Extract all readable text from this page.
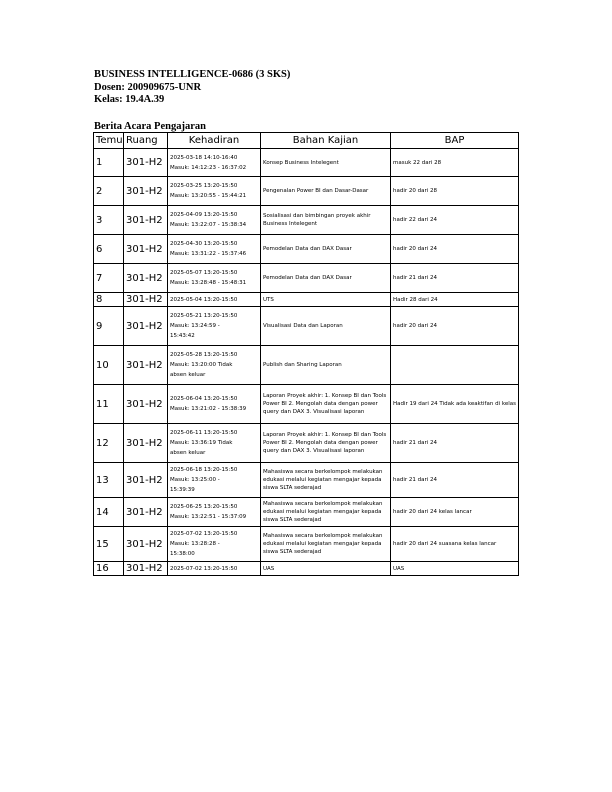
BUSINESS INTELLIGENCE-0686 (3 SKS)
Dosen: 200909675-UNR
Kelas: 19.4A.39
Berita Acara Pengajaran
Temu	Ruang	Kehadiran	Bahan Kajian	BAP
1	301-H2	2025-03-18 14:10-16:40
Masuk: 14:12:23 - 16:37:02	Konsep Business Intelegent	masuk 22 dari 28
2	301-H2	2025-03-25 13:20-15:50
Masuk: 13:20:55 - 15:44:21	Pengenalan Power BI dan Dasar-Dasar	hadir 20 dari 28
3	301-H2	2025-04-09 13:20-15:50
Masuk: 13:22:07 - 15:38:34	Sosialisasi dan bimbingan proyek akhir Business Intelegent	hadir 22 dari 24
6	301-H2	2025-04-30 13:20-15:50
Masuk: 13:31:22 - 15:37:46	Pemodelan Data dan DAX Dasar	hadir 20 dari 24
7	301-H2	2025-05-07 13:20-15:50
Masuk: 13:28:48 - 15:48:31	Pemodelan Data dan DAX Dasar	hadir 21 dari 24
8	301-H2	2025-05-04 13:20-15:50	UTS	Hadir 28 dari 24
9	301-H2	2025-05-21 13:20-15:50
Masuk: 13:24:59 -
15:43:42	Visualisasi Data dan Laporan	hadir 20 dari 24
10	301-H2	2025-05-28 13:20-15:50
Masuk: 13:20:00 Tidak
absen keluar	Publish dan Sharing Laporan	
11	301-H2	2025-06-04 13:20-15:50
Masuk: 13:21:02 - 15:38:39	Laporan Proyek akhir: 1. Konsep BI dan Tools Power BI 2. Mengolah data dengan power query dan DAX 3. Visualisasi laporan	Hadir 19 dari 24 Tidak ada keaktifan di kelas
12	301-H2	2025-06-11 13:20-15:50
Masuk: 13:36:19 Tidak
absen keluar	Laporan Proyek akhir: 1. Konsep BI dan Tools Power BI 2. Mengolah data dengan power query dan DAX 3. Visualisasi laporan	hadir 21 dari 24
13	301-H2	2025-06-18 13:20-15:50
Masuk: 13:25:00 -
15:39:39	Mahasiswa secara berkelompok melakukan edukasi melalui kegiatan mengajar kepada siswa SLTA sederajad	hadir 21 dari 24
14	301-H2	2025-06-25 13:20-15:50
Masuk: 13:22:51 - 15:37:09	Mahasiswa secara berkelompok melakukan edukasi melalui kegiatan mengajar kepada siswa SLTA sederajad	hadir 20 dari 24 kelas lancar
15	301-H2	2025-07-02 13:20-15:50
Masuk: 13:28:28 -
15:38:00	Mahasiswa secara berkelompok melakukan edukasi melalui kegiatan mengajar kepada siswa SLTA sederajad	hadir 20 dari 24 suasana kelas lancar
16	301-H2	2025-07-02 13:20-15:50	UAS	UAS
